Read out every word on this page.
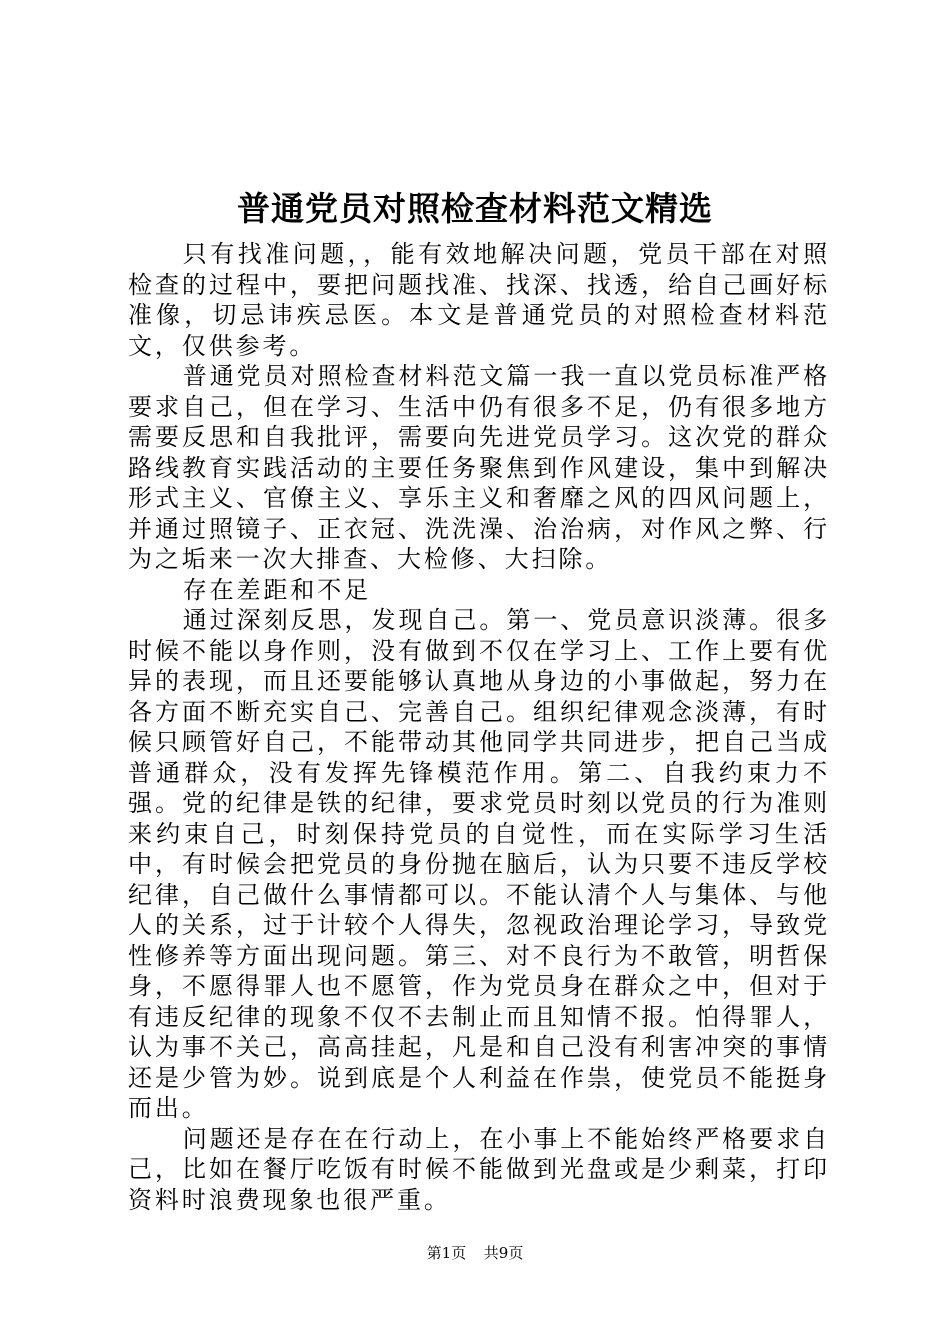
普通党员对照检查材料范文精选

只有找准问题，，能有效地解决问题，党员干部在对照检查的过程中，要把问题找准、找深、找透，给自己画好标准像，切忌讳疾忌医。本文是普通党员的对照检查材料范文，仅供参考。

普通党员对照检查材料范文篇一我一直以党员标准严格要求自己，但在学习、生活中仍有很多不足，仍有很多地方需要反思和自我批评，需要向先进党员学习。这次党的群众路线教育实践活动的主要任务聚焦到作风建设，集中到解决形式主义、官僚主义、享乐主义和奢靡之风的四风问题上，并通过照镜子、正衣冠、洗洗澡、治治病，对作风之弊、行为之垢来一次大排查、大检修、大扫除。

存在差距和不足

通过深刻反思，发现自己。第一、党员意识淡薄。很多时候不能以身作则，没有做到不仅在学习上、工作上要有优异的表现，而且还要能够认真地从身边的小事做起，努力在各方面不断充实自己、完善自己。组织纪律观念淡薄，有时候只顾管好自己，不能带动其他同学共同进步，把自己当成普通群众，没有发挥先锋模范作用。第二、自我约束力不强。党的纪律是铁的纪律，要求党员时刻以党员的行为准则来约束自己，时刻保持党员的自觉性，而在实际学习生活中，有时候会把党员的身份抛在脑后，认为只要不违反学校纪律，自己做什么事情都可以。不能认清个人与集体、与他人的关系，过于计较个人得失，忽视政治理论学习，导致党性修养等方面出现问题。第三、对不良行为不敢管，明哲保身，不愿得罪人也不愿管，作为党员身在群众之中，但对于有违反纪律的现象不仅不去制止而且知情不报。怕得罪人，认为事不关己，高高挂起，凡是和自己没有利害冲突的事情还是少管为妙。说到底是个人利益在作祟，使党员不能挺身而出。

问题还是存在在行动上，在小事上不能始终严格要求自己，比如在餐厅吃饭有时候不能做到光盘或是少剩菜，打印资料时浪费现象也很严重。

第1页 共9页
